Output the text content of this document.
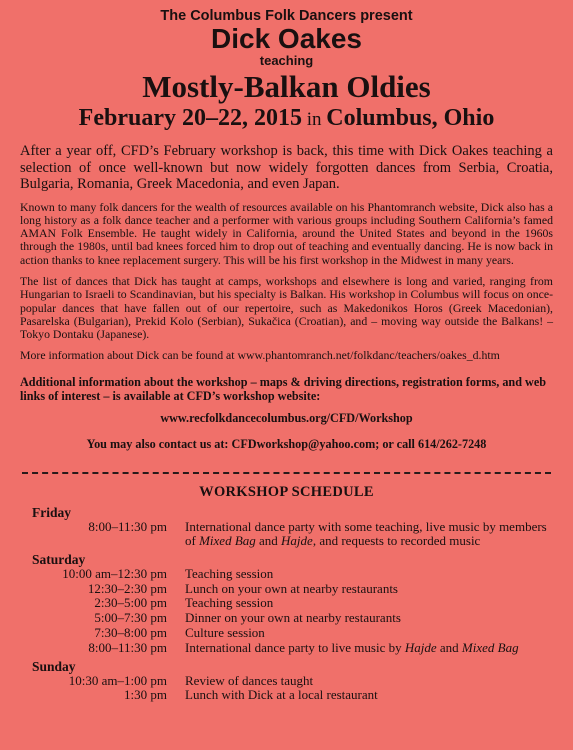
The Columbus Folk Dancers present
Dick Oakes
teaching
Mostly-Balkan Oldies
February 20–22, 2015 in Columbus, Ohio
After a year off, CFD’s February workshop is back, this time with Dick Oakes teaching a selection of once well-known but now widely forgotten dances from Serbia, Croatia, Bulgaria, Romania, Greek Macedonia, and even Japan.
Known to many folk dancers for the wealth of resources available on his Phantomranch website, Dick also has a long history as a folk dance teacher and a performer with various groups including Southern California’s famed AMAN Folk Ensemble. He taught widely in California, around the United States and beyond in the 1960s through the 1980s, until bad knees forced him to drop out of teaching and eventually dancing. He is now back in action thanks to knee replacement surgery. This will be his first workshop in the Midwest in many years.
The list of dances that Dick has taught at camps, workshops and elsewhere is long and varied, ranging from Hungarian to Israeli to Scandinavian, but his specialty is Balkan. His workshop in Columbus will focus on once-popular dances that have fallen out of our repertoire, such as Makedonikos Horos (Greek Macedonian), Pasarelska (Bulgarian), Prekid Kolo (Serbian), Sukačica (Croatian), and – moving way outside the Balkans! – Tokyo Dontaku (Japanese).
More information about Dick can be found at www.phantomranch.net/folkdanc/teachers/oakes_d.htm
Additional information about the workshop – maps & driving directions, registration forms, and web links of interest – is available at CFD’s workshop website:
www.recfolkdancecolumbus.org/CFD/Workshop
You may also contact us at: CFDworkshop@yahoo.com; or call 614/262-7248
WORKSHOP SCHEDULE
Friday
8:00–11:30 pm	International dance party with some teaching, live music by members of Mixed Bag and Hajde, and requests to recorded music
Saturday
10:00 am–12:30 pm	Teaching session
12:30–2:30 pm	Lunch on your own at nearby restaurants
2:30–5:00 pm	Teaching session
5:00–7:30 pm	Dinner on your own at nearby restaurants
7:30–8:00 pm	Culture session
8:00–11:30 pm	International dance party to live music by Hajde and Mixed Bag
Sunday
10:30 am–1:00 pm	Review of dances taught
1:30 pm	Lunch with Dick at a local restaurant
